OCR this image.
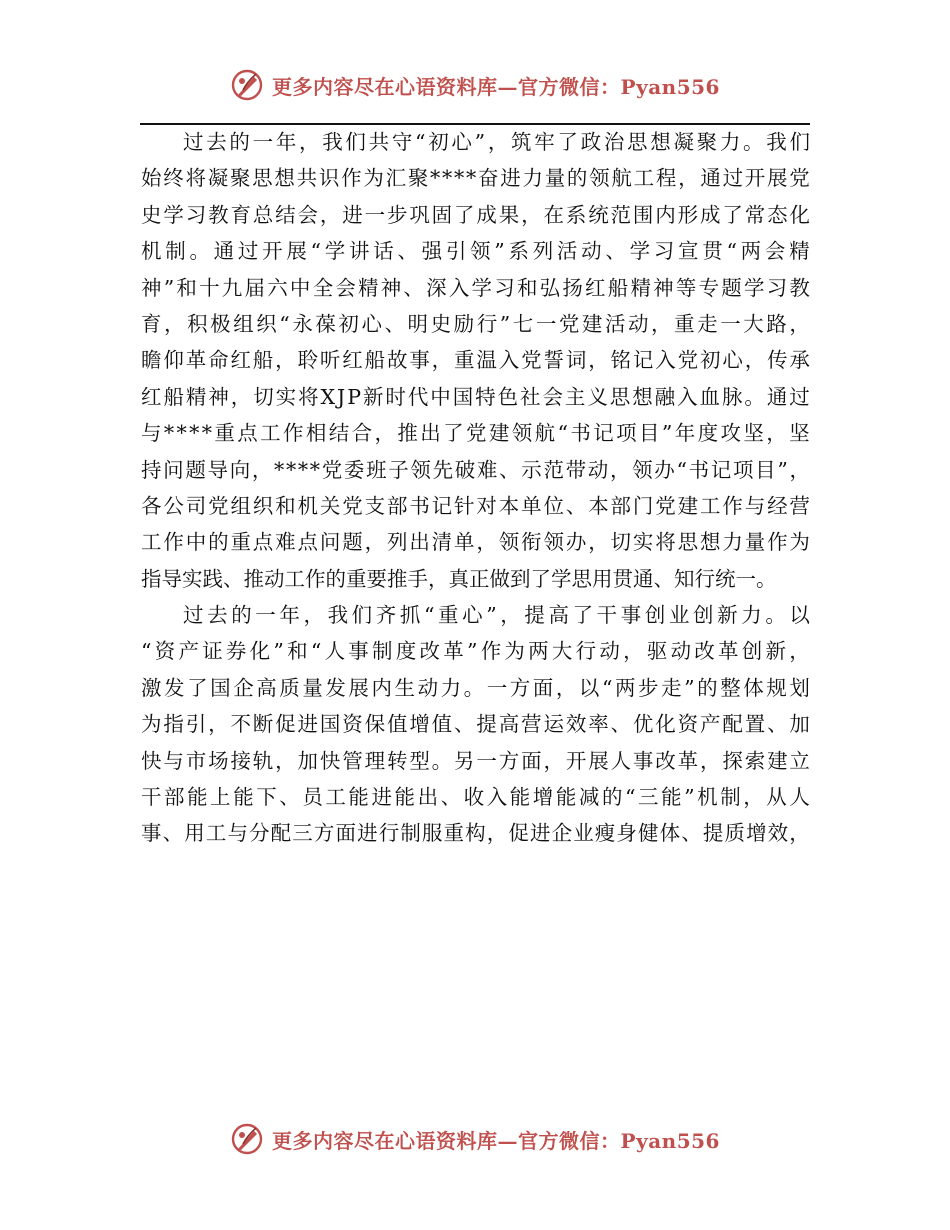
更多内容尽在心语资料库—官方微信：Pyan556
过 去 的 一 年 ， 我 们 共 守 “ 初 心 ” ， 筑 牢 了 政 治 思 想 凝 聚 力 。 我 们
始 终 将 凝 聚 思 想 共 识 作 为 汇 聚 * * * * 奋 进 力 量 的 领 航 工 程 ， 通 过 开 展 党
史 学 习 教 育 总 结 会 ， 进 一 步 巩 固 了 成 果 ， 在 系 统 范 围 内 形 成 了 常 态 化
机 制 。 通 过 开 展 “ 学 讲 话 、 强 引 领 ” 系 列 活 动 、 学 习 宣 贯 “ 两 会 精
神 ” 和 十 九 届 六 中 全 会 精 神 、 深 入 学 习 和 弘 扬 红 船 精 神 等 专 题 学 习 教
育 ， 积 极 组 织 “ 永 葆 初 心 、 明 史 励 行 ” 七 一 党 建 活 动 ， 重 走 一 大 路 ，
瞻 仰 革 命 红 船 ， 聆 听 红 船 故 事 ， 重 温 入 党 誓 词 ， 铭 记 入 党 初 心 ， 传 承
红 船 精 神 ， 切 实 将 X J P 新 时 代 中 国 特 色 社 会 主 义 思 想 融 入 血 脉 。 通 过
与 * * * * 重 点 工 作 相 结 合 ， 推 出 了 党 建 领 航 “ 书 记 项 目 ” 年 度 攻 坚 ， 坚
持 问 题 导 向 ， * * * * 党 委 班 子 领 先 破 难 、 示 范 带 动 ， 领 办 “ 书 记 项 目 ” ，
各 公 司 党 组 织 和 机 关 党 支 部 书 记 针 对 本 单 位 、 本 部 门 党 建 工 作 与 经 营
工 作 中 的 重 点 难 点 问 题 ， 列 出 清 单 ， 领 衔 领 办 ， 切 实 将 思 想 力 量 作 为
指导实践、推动工作的重要推手，真正做到了学思用贯通、知行统一。
过 去 的 一 年 ， 我 们 齐 抓 “ 重 心 ” ， 提 高 了 干 事 创 业 创 新 力 。 以
“ 资 产 证 券 化 ” 和 “ 人 事 制 度 改 革 ” 作 为 两 大 行 动 ， 驱 动 改 革 创 新 ，
激 发 了 国 企 高 质 量 发 展 内 生 动 力 。 一 方 面 ， 以 “ 两 步 走 ” 的 整 体 规 划
为 指 引 ， 不 断 促 进 国 资 保 值 增 值 、 提 高 营 运 效 率 、 优 化 资 产 配 置 、 加
快 与 市 场 接 轨 ， 加 快 管 理 转 型 。 另 一 方 面 ， 开 展 人 事 改 革 ， 探 索 建 立
干 部 能 上 能 下 、 员 工 能 进 能 出 、 收 入 能 增 能 减 的 “ 三 能 ” 机 制 ， 从 人
事 、 用 工 与 分 配 三 方 面 进 行 制 服 重 构 ， 促 进 企 业 瘦 身 健 体 、 提 质 增 效 ，
更多内容尽在心语资料库—官方微信：Pyan556
